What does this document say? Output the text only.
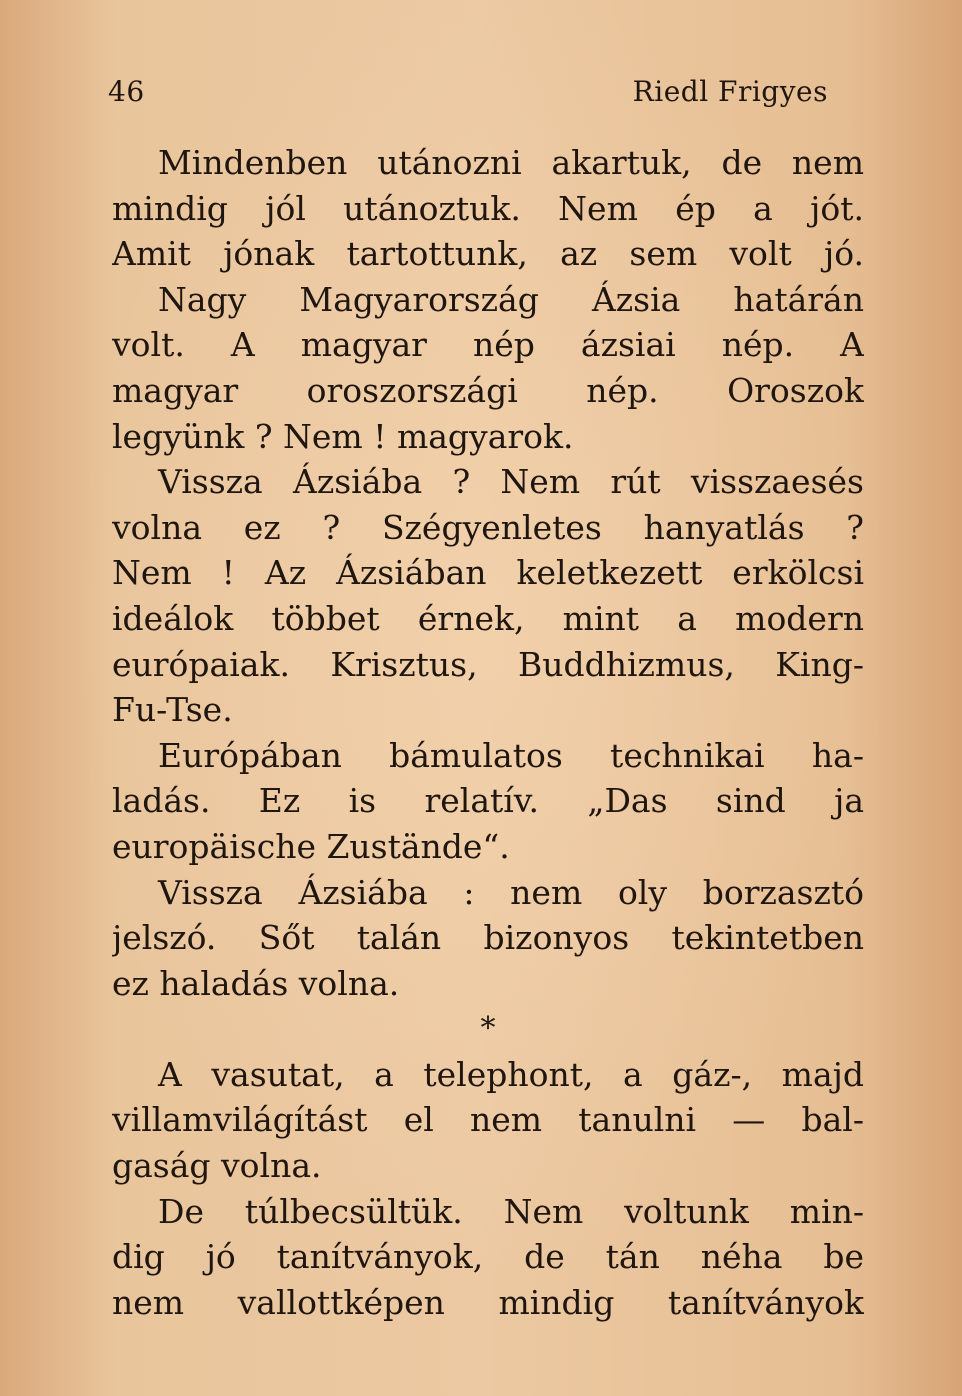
46	Riedl Frigyes
Mindenben utánozni akartuk, de nem
mindig jól utánoztuk. Nem ép a jót.
Amit jónak tartottunk, az sem volt jó.
Nagy Magyarország Ázsia határán
volt. A magyar nép ázsiai nép. A
magyar oroszországi nép. Oroszok
legyünk ? Nem ! magyarok.
Vissza Ázsiába ? Nem rút visszaesés
volna ez ? Szégyenletes hanyatlás ?
Nem ! Az Ázsiában keletkezett erkölcsi
ideálok többet érnek, mint a modern
európaiak. Krisztus, Buddhizmus, King-
Fu-Tse.
Európában bámulatos technikai ha-
ladás. Ez is relatív. „Das sind ja
europäische Zustände“.
Vissza Ázsiába : nem oly borzasztó
jelszó. Sőt talán bizonyos tekintetben
ez haladás volna.
*
A vasutat, a telephont, a gáz-, majd
villamvilágítást el nem tanulni — bal-
gaság volna.
De túlbecsültük. Nem voltunk min-
dig jó tanítványok, de tán néha be
nem vallottképen mindig tanítványok
